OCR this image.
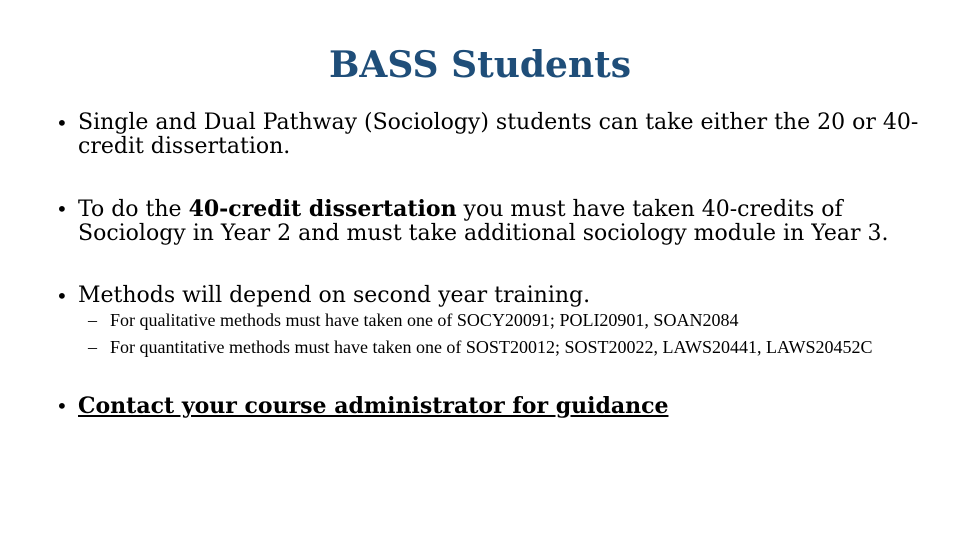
BASS Students
• Single and Dual Pathway (Sociology) students can take either the 20 or 40-credit dissertation.
• To do the 40-credit dissertation you must have taken 40-credits of Sociology in Year 2 and must take additional sociology module in Year 3.
• Methods will depend on second year training.
– For qualitative methods must have taken one of SOCY20091; POLI20901, SOAN2084
– For quantitative methods must have taken one of SOST20012; SOST20022, LAWS20441, LAWS20452C
• Contact your course administrator for guidance
